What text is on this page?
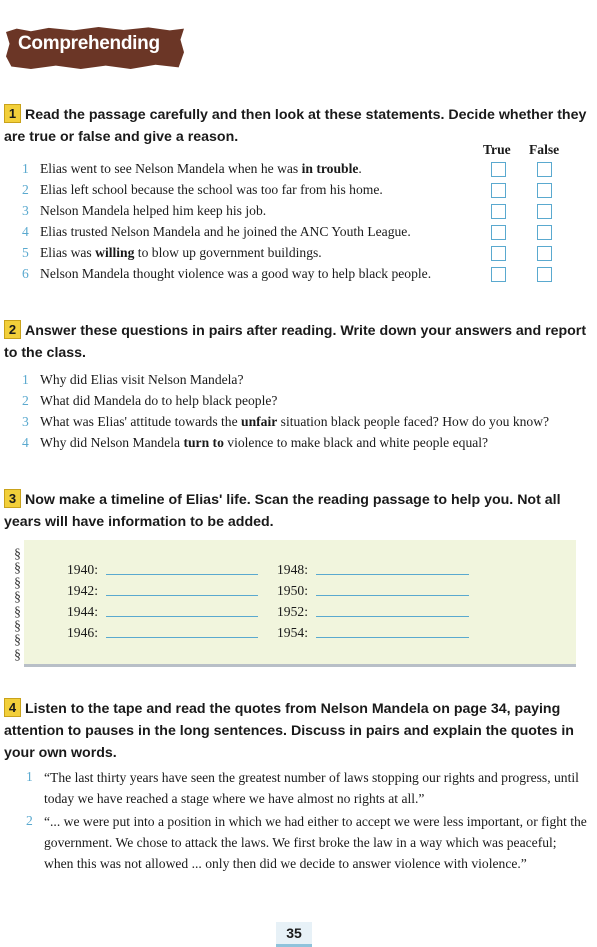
Comprehending
1 Read the passage carefully and then look at these statements. Decide whether they are true or false and give a reason.
True False
1 Elias went to see Nelson Mandela when he was in trouble.
2 Elias left school because the school was too far from his home.
3 Nelson Mandela helped him keep his job.
4 Elias trusted Nelson Mandela and he joined the ANC Youth League.
5 Elias was willing to blow up government buildings.
6 Nelson Mandela thought violence was a good way to help black people.
2 Answer these questions in pairs after reading. Write down your answers and report to the class.
1 Why did Elias visit Nelson Mandela?
2 What did Mandela do to help black people?
3 What was Elias' attitude towards the unfair situation black people faced? How do you know?
4 Why did Nelson Mandela turn to violence to make black and white people equal?
3 Now make a timeline of Elias' life. Scan the reading passage to help you. Not all years will have information to be added.
§
§
§
§
§
§
§
§
1940:
1942:
1944:
1946:
1948:
1950:
1952:
1954:
4 Listen to the tape and read the quotes from Nelson Mandela on page 34, paying attention to pauses in the long sentences. Discuss in pairs and explain the quotes in your own words.
1 “The last thirty years have seen the greatest number of laws stopping our rights and progress, until today we have reached a stage where we have almost no rights at all.”
2 “... we were put into a position in which we had either to accept we were less important, or fight the government. We chose to attack the laws. We first broke the law in a way which was peaceful; when this was not allowed ... only then did we decide to answer violence with violence.”
35
